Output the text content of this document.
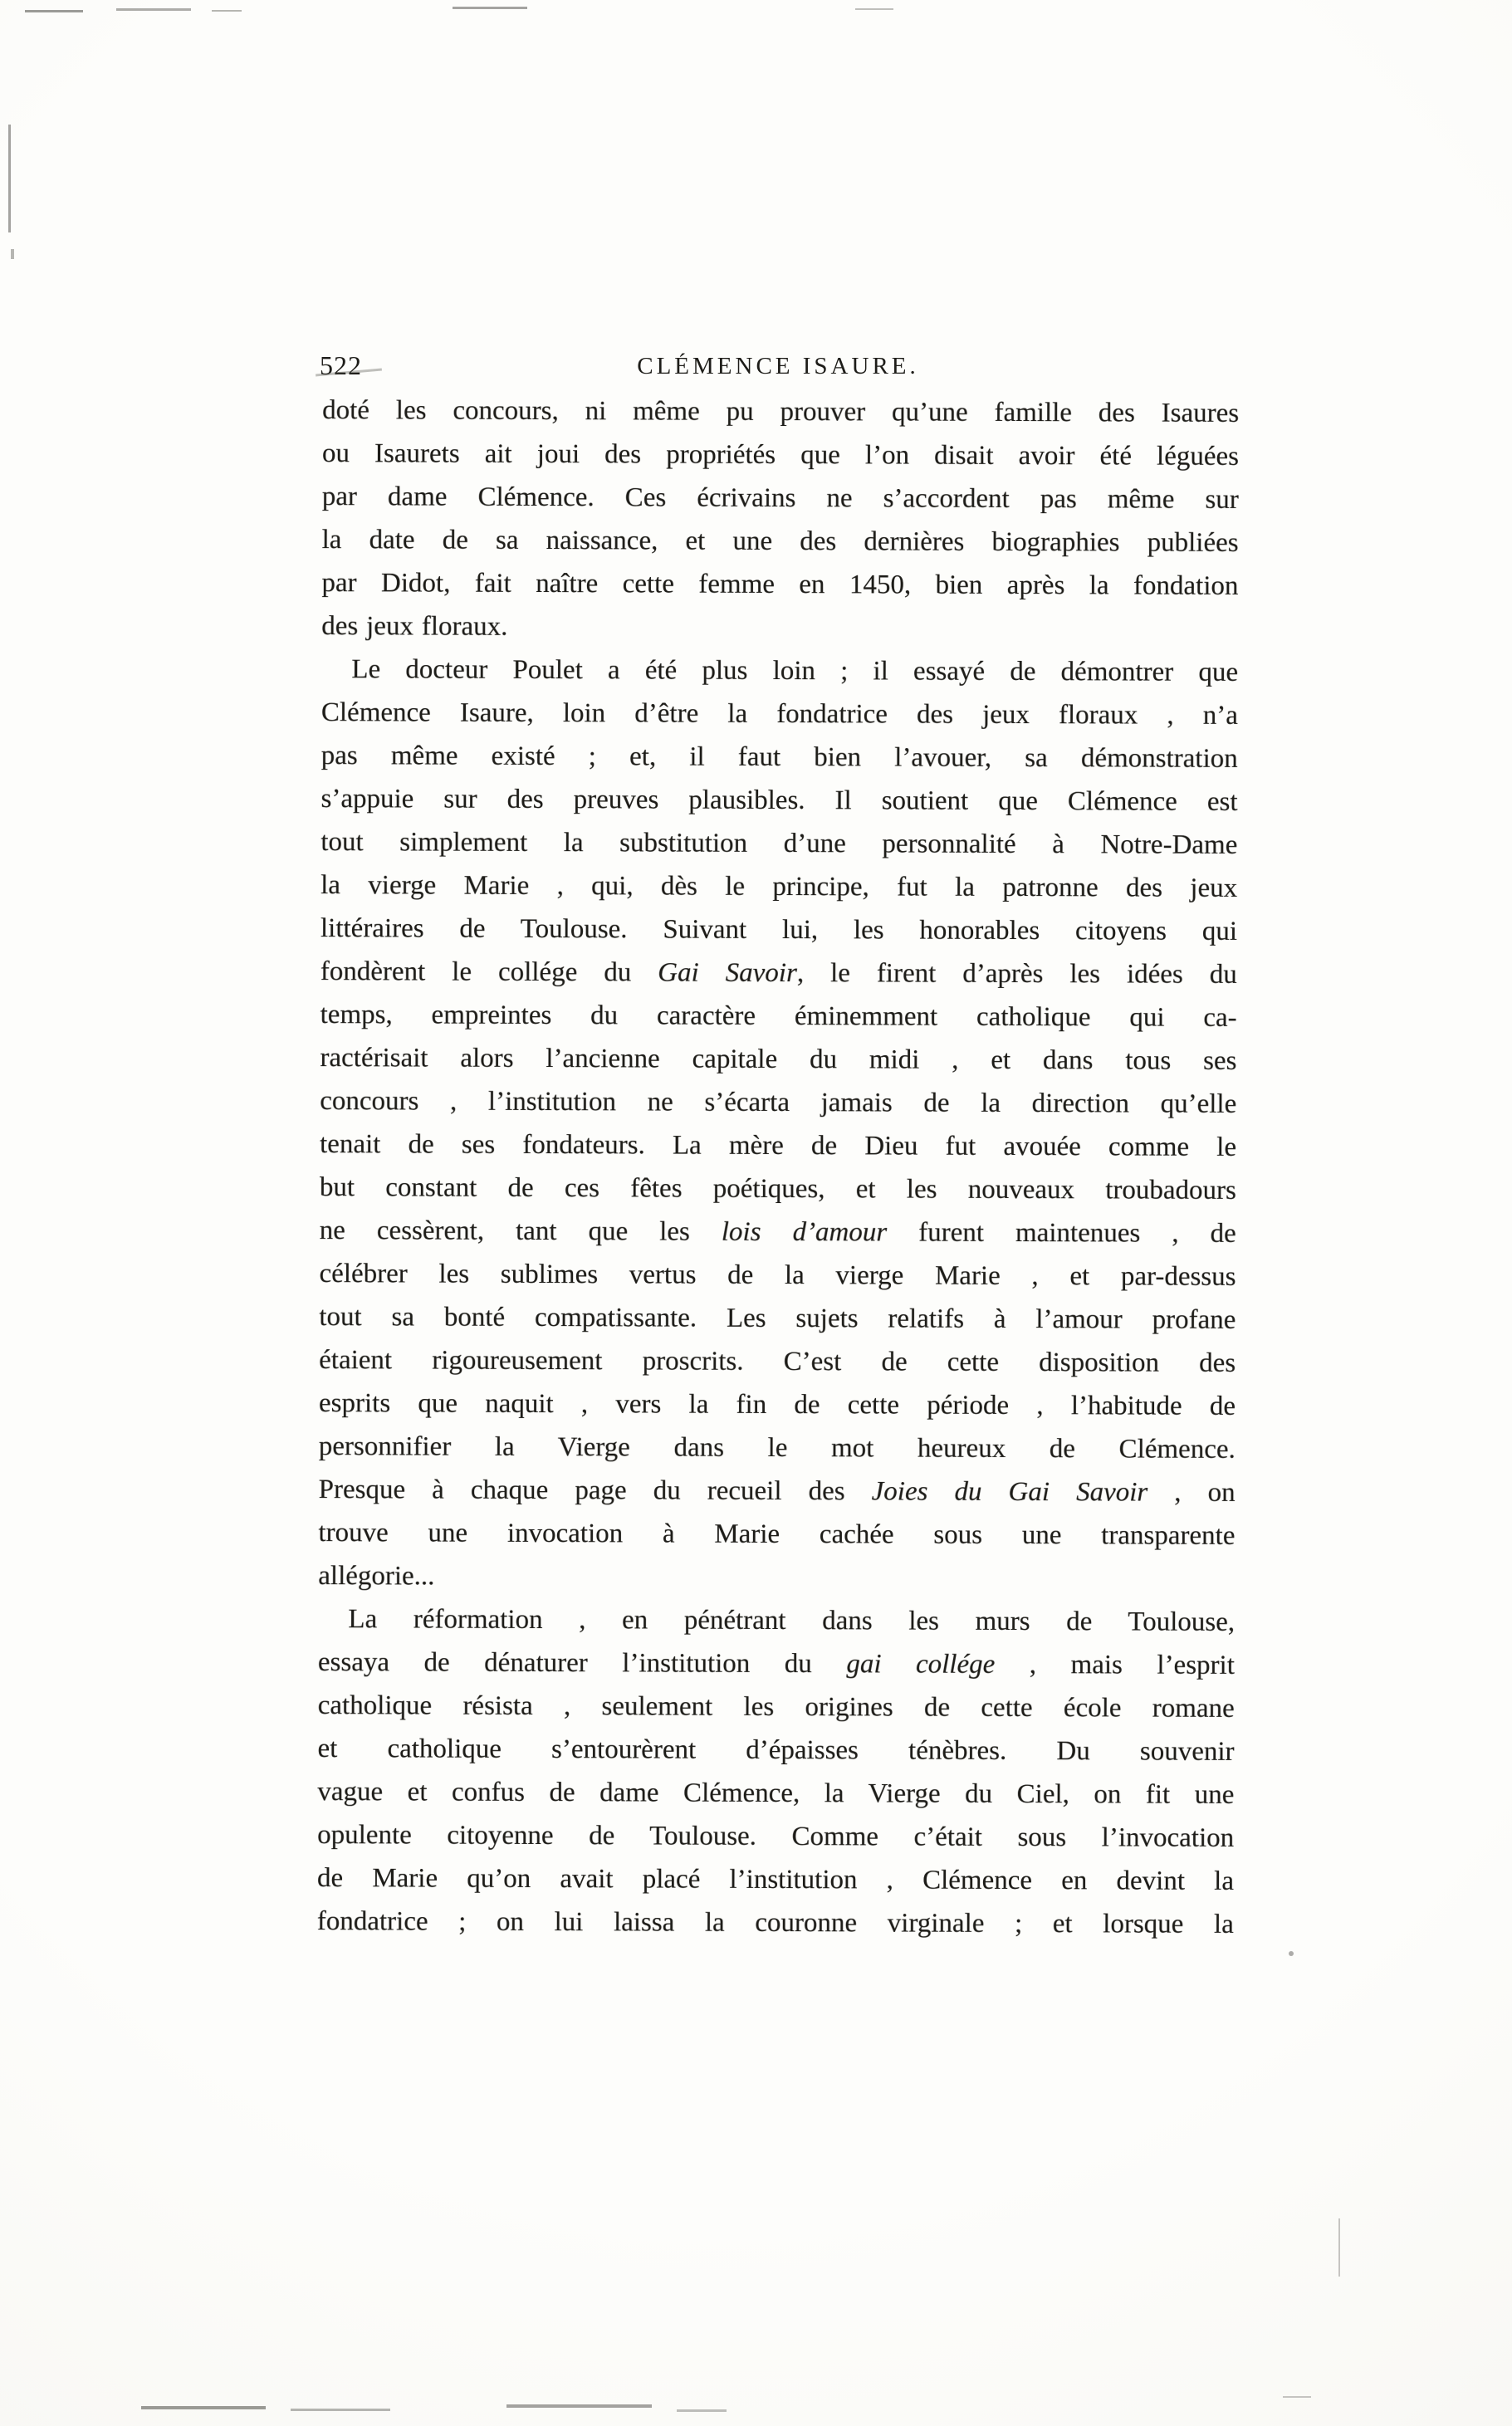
522	CLÉMENCE ISAURE.
doté les concours, ni même pu prouver qu’une famille des Isaures
ou Isaurets ait joui des propriétés que l’on disait avoir été léguées
par dame Clémence. Ces écrivains ne s’accordent pas même sur
la date de sa naissance, et une des dernières biographies publiées
par Didot, fait naître cette femme en 1450, bien après la fondation
des jeux floraux.
Le docteur Poulet a été plus loin ; il essayé de démontrer que
Clémence Isaure, loin d’être la fondatrice des jeux floraux , n’a
pas même existé ; et, il faut bien l’avouer, sa démonstration
s’appuie sur des preuves plausibles. Il soutient que Clémence est
tout simplement la substitution d’une personnalité à Notre-Dame
la vierge Marie , qui, dès le principe, fut la patronne des jeux
littéraires de Toulouse. Suivant lui, les honorables citoyens qui
fondèrent le collége du Gai Savoir, le firent d’après les idées du
temps, empreintes du caractère éminemment catholique qui ca-
ractérisait alors l’ancienne capitale du midi , et dans tous ses
concours , l’institution ne s’écarta jamais de la direction qu’elle
tenait de ses fondateurs. La mère de Dieu fut avouée comme le
but constant de ces fêtes poétiques, et les nouveaux troubadours
ne cessèrent, tant que les lois d’amour furent maintenues , de
célébrer les sublimes vertus de la vierge Marie , et par-dessus
tout sa bonté compatissante. Les sujets relatifs à l’amour profane
étaient rigoureusement proscrits. C’est de cette disposition des
esprits que naquit , vers la fin de cette période , l’habitude de
personnifier la Vierge dans le mot heureux de Clémence.
Presque à chaque page du recueil des Joies du Gai Savoir , on
trouve une invocation à Marie cachée sous une transparente
allégorie...
La réformation , en pénétrant dans les murs de Toulouse,
essaya de dénaturer l’institution du gai collége , mais l’esprit
catholique résista , seulement les origines de cette école romane
et catholique s’entourèrent d’épaisses ténèbres. Du souvenir
vague et confus de dame Clémence, la Vierge du Ciel, on fit une
opulente citoyenne de Toulouse. Comme c’était sous l’invocation
de Marie qu’on avait placé l’institution , Clémence en devint la
fondatrice ; on lui laissa la couronne virginale ; et lorsque la
